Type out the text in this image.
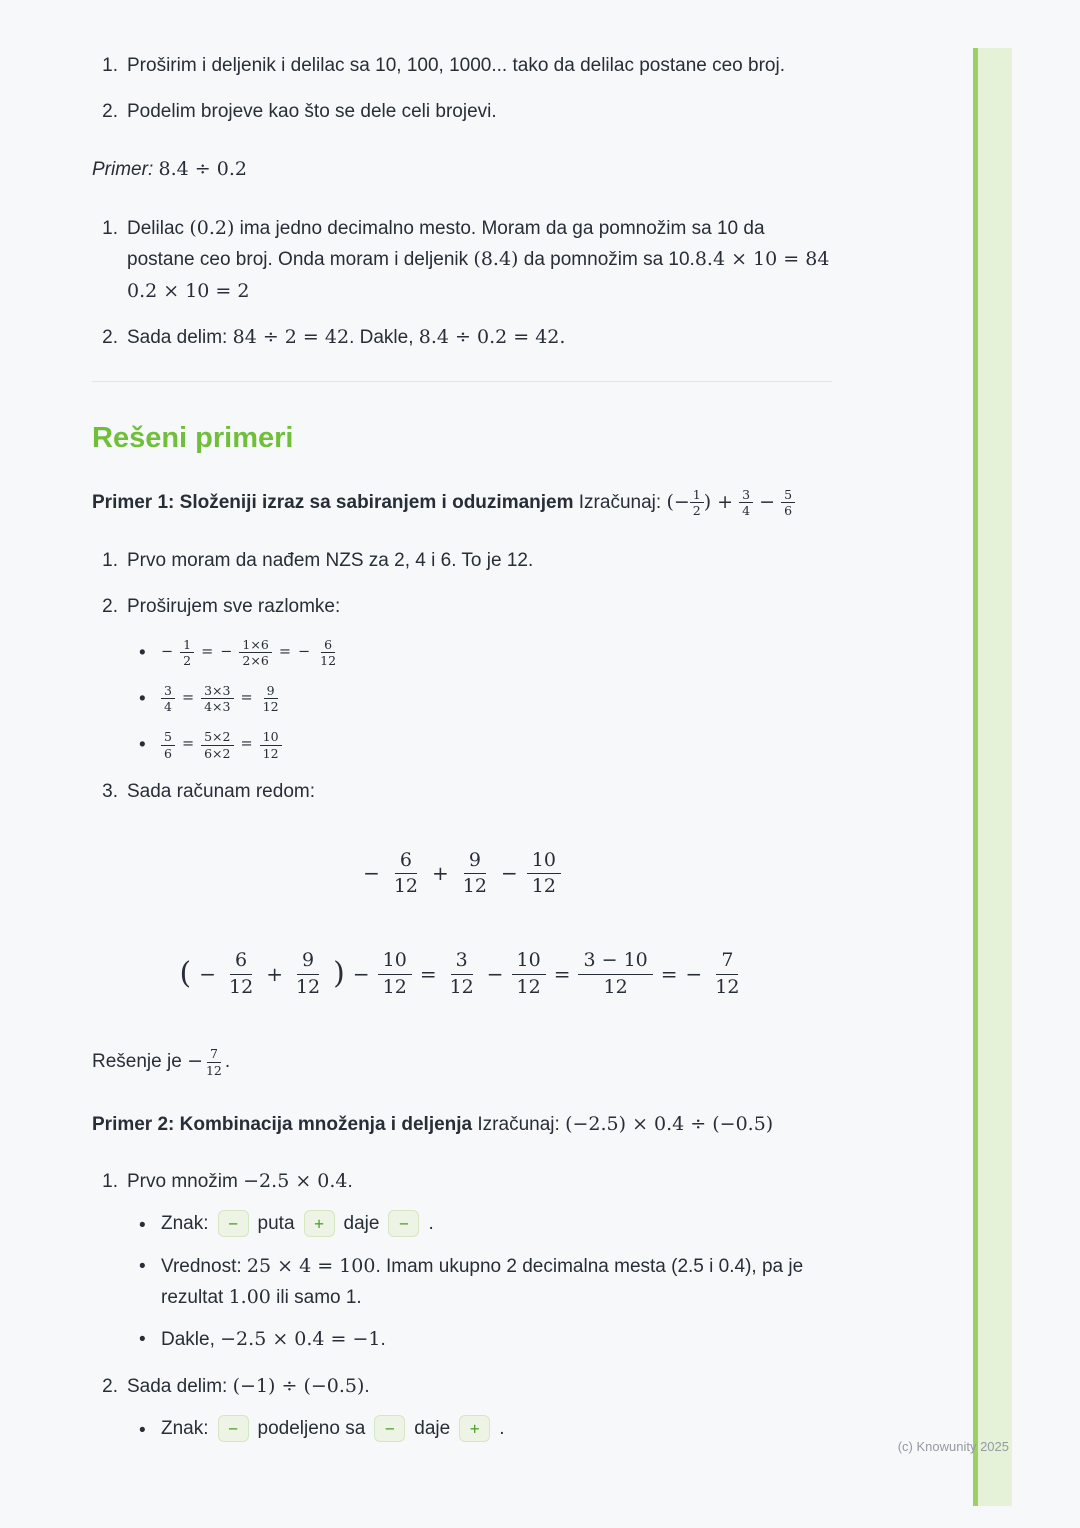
1. Proširim i deljenik i delilac sa 10, 100, 1000... tako da delilac postane ceo broj.
2. Podelim brojeve kao što se dele celi brojevi.

Primer: 8.4 ÷ 0.2

1. Delilac (0.2) ima jedno decimalno mesto. Moram da ga pomnožim sa 10 da postane ceo broj. Onda moram i deljenik (8.4) da pomnožim sa 10.8.4 × 10 = 84 0.2 × 10 = 2
2. Sada delim: 84 ÷ 2 = 42. Dakle, 8.4 ÷ 0.2 = 42.
Rešeni primeri

Primer 1: Složeniji izraz sa sabiranjem i oduzimanjem Izračunaj: (− $\frac{1}{2}$ ) + $\frac{3}{4} - \frac{5}{6}$

1. Prvo moram da nađem NZS za 2, 4 i 6. To je 12.
2. Proširujem sve razlomke:
• − $\frac{1}{2}$ = − $\frac{1\times 6}{2\times 6}$ = − $\frac{6}{12}$
• $\frac{3}{4} = \frac{3\times 3}{4\times 3} = \frac{9}{12}$
• $\frac{5}{6} = \frac{5\times 2}{6\times 2} = \frac{10}{12}$
3. Sada računam redom:
− $\frac{6}{12} + \frac{9}{12} - \frac{10}{12}$
( − $\frac{6}{12} + \frac{9}{12}$ ) − $\frac{10}{12} = \frac{3}{12} - \frac{10}{12} = \frac{3 - 10}{12}$ = − $\frac{7}{12}$

Rešenje je − $\frac{7}{12}$ .

Primer 2: Kombinacija množenja i deljenja Izračunaj: (−2.5) × 0.4 ÷ (−0.5)

1. Prvo množim −2.5 × 0.4.
• Znak:	−	puta	+	daje	−	.
• Vrednost: 25 × 4 = 100. Imam ukupno 2 decimalna mesta (2.5 i 0.4), pa je rezultat 1.00 ili samo 1.
• Dakle, −2.5 × 0.4 = −1.
2. Sada delim: (−1) ÷ (−0.5).
• Znak:	−	podeljeno sa	−	daje	+	.
(c) Knowunity 2025
